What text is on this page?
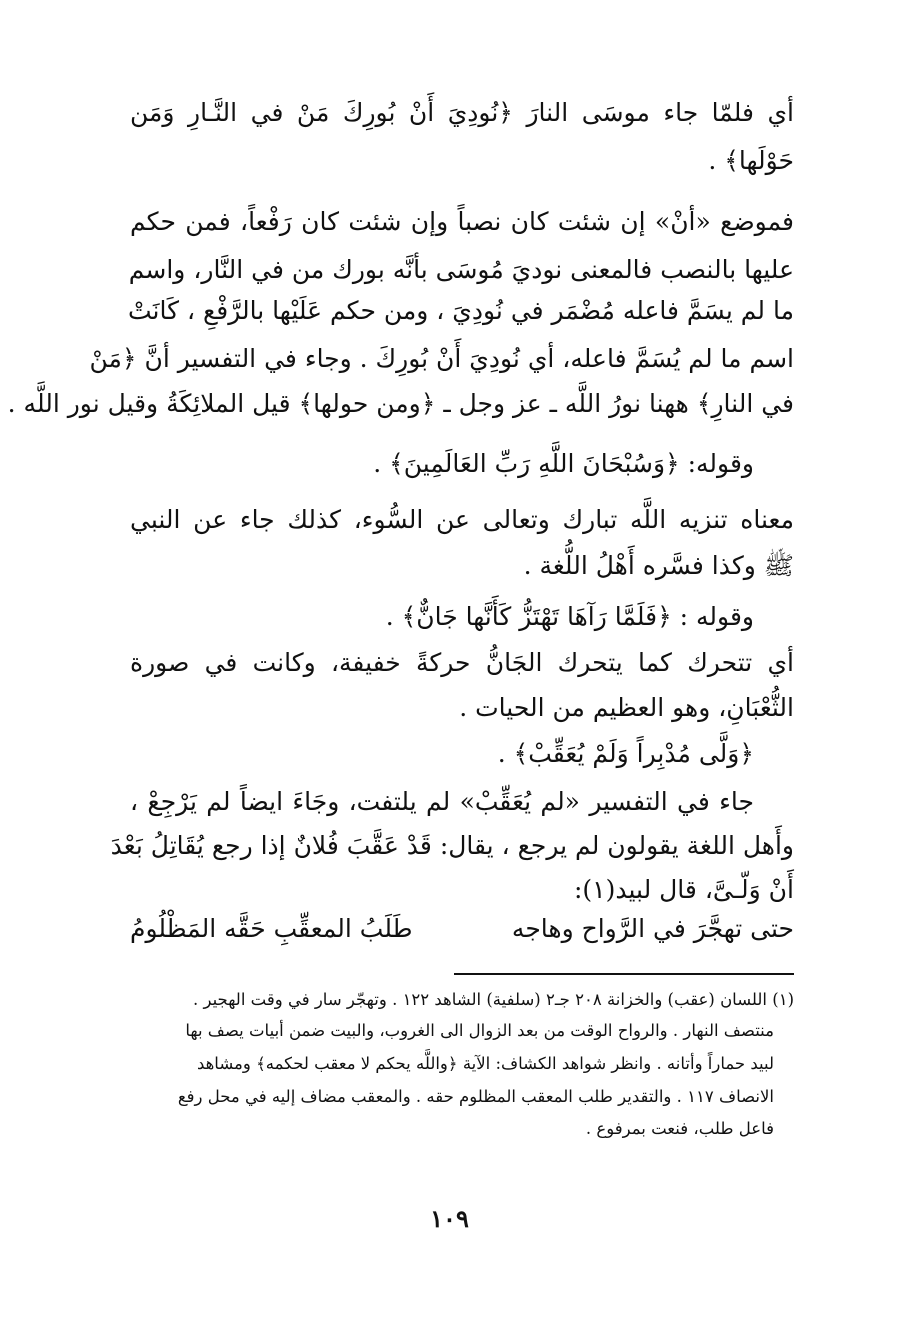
أي فلمّا جاء موسَى النارَ ﴿نُودِيَ أَنْ بُورِكَ مَنْ في النَّـارِ وَمَن
حَوْلَها﴾ .
فموضع «أنْ» إن شئت كان نصباً وإن شئت كان رَفْعاً، فمن حكم
عليها بالنصب فالمعنى نوديَ مُوسَى بأنَّه بورك من في النَّار، واسم
ما لم يسَمَّ فاعله مُضْمَر في نُودِيَ ، ومن حكم عَلَيْها بالرَّفْعِ ، كَانَتْ
اسم ما لم يُسَمَّ فاعله، أي نُودِيَ أَنْ بُورِكَ . وجاء في التفسير أنَّ ﴿مَنْ
في النارِ﴾ ههنا نورُ اللَّه ـ عز وجل ـ ﴿ومن حولها﴾ قيل الملائِكَةُ وقيل نور اللَّه .
وقوله: ﴿وَسُبْحَانَ اللَّهِ رَبِّ العَالَمِينَ﴾ .
معناه تنزيه اللَّه تبارك وتعالى عن السُّوء، كذلك جاء عن النبي
ﷺ وكذا فسَّره أَهْلُ اللُّغة .
وقوله : ﴿فَلَمَّا رَآهَا تَهْتَزُّ كَأَنَّها جَانٌّ﴾ .
أي تتحرك كما يتحرك الجَانُّ حركةً خفيفة، وكانت في صورة
الثُّعْبَانِ، وهو العظيم من الحيات .
﴿وَلَّى مُدْبِراً وَلَمْ يُعَقِّبْ﴾ .
جاء في التفسير «لم يُعَقِّبْ» لم يلتفت، وجَاءَ ايضاً لم يَرْجِعْ ،
وأَهل اللغة يقولون لم يرجع ، يقال: قَدْ عَقَّبَ فُلانٌ إذا رجع يُقَاتِلُ بَعْدَ
أَنْ وَلّـىَّ، قال لبيد(١):
حتى تهجَّرَ في الرَّواح وهاجه
طَلَبُ المعقِّبِ حَقَّه المَظْلُومُ
(١) اللسان (عقب) والخزانة ٢٠٨ جـ٢ (سلفية) الشاهد ١٢٢ . وتهجّر سار في وقت الهجير .
منتصف النهار . والرواح الوقت من بعد الزوال الى الغروب، والبيت ضمن أبيات يصف بها
لبيد حماراً وأتانه . وانظر شواهد الكشاف: الآية ﴿واللَّه يحكم لا معقب لحكمه﴾ ومشاهد
الانصاف ١١٧ . والتقدير طلب المعقب المظلوم حقه . والمعقب مضاف إليه في محل رفع
فاعل طلب، فنعت بمرفوع .
١٠٩
